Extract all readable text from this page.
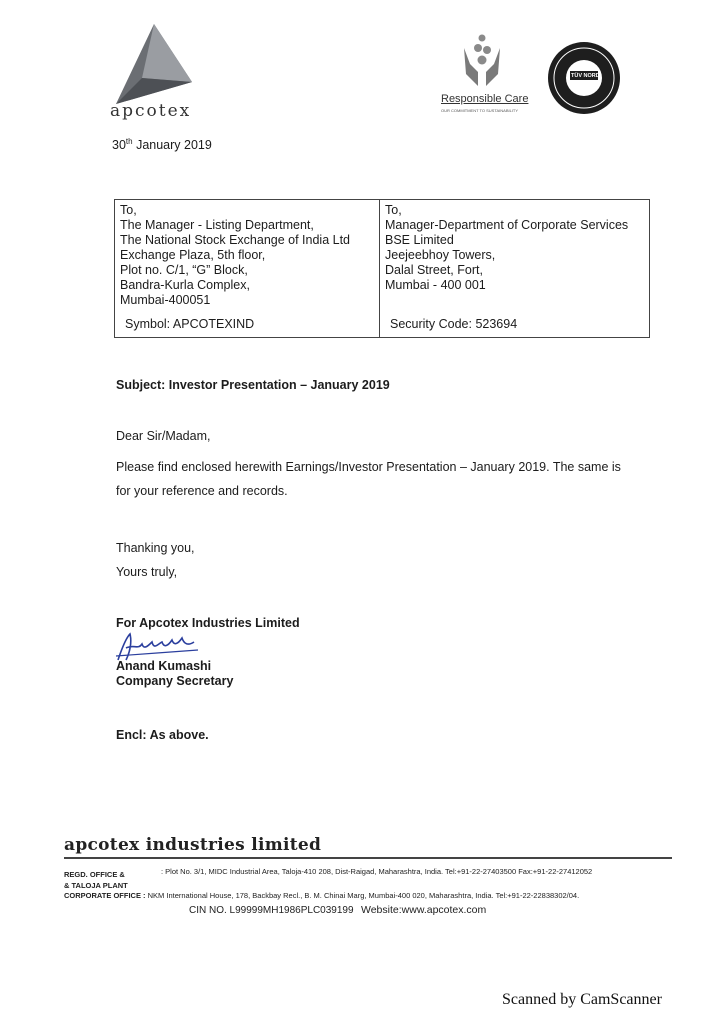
apcotex
Responsible Care
OUR COMMITMENT TO SUSTAINABILITY
TÜV NORD
30th January 2019
To,
The Manager - Listing Department,
The National Stock Exchange of India Ltd
Exchange Plaza, 5th floor,
Plot no. C/1, “G” Block,
Bandra-Kurla Complex,
Mumbai-400051
Symbol: APCOTEXIND

To,
Manager-Department of Corporate Services
BSE Limited
Jeejeebhoy Towers,
Dalal Street, Fort,
Mumbai - 400 001
Security Code: 523694
Subject: Investor Presentation – January 2019
Dear Sir/Madam,
Please find enclosed herewith Earnings/Investor Presentation – January 2019. The same is
for your reference and records.
Thanking you,
Yours truly,
For Apcotex Industries Limited
Anand Kumashi
Company Secretary
Encl: As above.
apcotex industries limited
REGD. OFFICE &
& TALOJA PLANT
: Plot No. 3/1, MIDC Industrial Area, Taloja-410 208, Dist-Raigad, Maharashtra, India. Tel:+91-22-27403500 Fax:+91-22-27412052
CORPORATE OFFICE : NKM International House, 178, Backbay Recl., B. M. Chinai Marg, Mumbai-400 020, Maharashtra, India. Tel:+91-22-22838302/04.
CIN NO. L99999MH1986PLC039199 Website:www.apcotex.com
Scanned by CamScanner
